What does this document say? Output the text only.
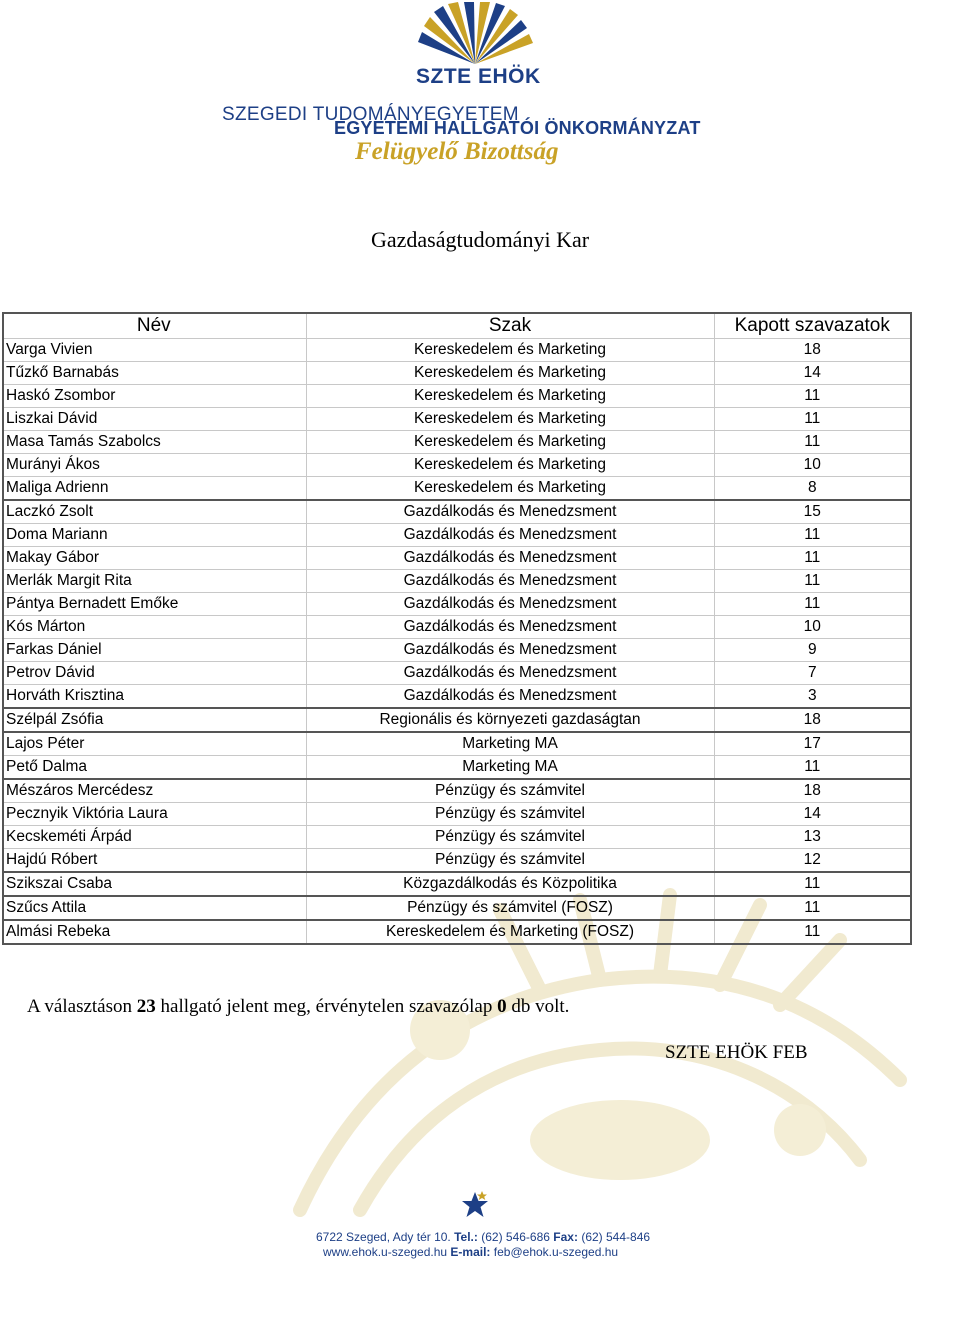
SZTE EHÖK
SZEGEDI TUDOMÁNYEGYETEM
EGYETEMI HALLGATÓI ÖNKORMÁNYZAT
Felügyelő Bizottság
Gazdaságtudományi Kar
Név	Szak	Kapott szavazatok
Varga Vivien	Kereskedelem és Marketing	18
Tűzkő Barnabás	Kereskedelem és Marketing	14
Haskó Zsombor	Kereskedelem és Marketing	11
Liszkai Dávid	Kereskedelem és Marketing	11
Masa Tamás Szabolcs	Kereskedelem és Marketing	11
Murányi Ákos	Kereskedelem és Marketing	10
Maliga Adrienn	Kereskedelem és Marketing	8
Laczkó Zsolt	Gazdálkodás és Menedzsment	15
Doma Mariann	Gazdálkodás és Menedzsment	11
Makay Gábor	Gazdálkodás és Menedzsment	11
Merlák Margit Rita	Gazdálkodás és Menedzsment	11
Pántya Bernadett Emőke	Gazdálkodás és Menedzsment	11
Kós Márton	Gazdálkodás és Menedzsment	10
Farkas Dániel	Gazdálkodás és Menedzsment	9
Petrov Dávid	Gazdálkodás és Menedzsment	7
Horváth Krisztina	Gazdálkodás és Menedzsment	3
Szélpál Zsófia	Regionális és környezeti gazdaságtan	18
Lajos Péter	Marketing MA	17
Pető Dalma	Marketing MA	11
Mészáros Mercédesz	Pénzügy és számvitel	18
Pecznyik Viktória Laura	Pénzügy és számvitel	14
Kecskeméti Árpád	Pénzügy és számvitel	13
Hajdú Róbert	Pénzügy és számvitel	12
Szikszai Csaba	Közgazdálkodás és Közpolitika	11
Szűcs Attila	Pénzügy és számvitel (FOSZ)	11
Almási Rebeka	Kereskedelem és Marketing (FOSZ)	11
A választáson 23 hallgató jelent meg, érvénytelen szavazólap 0 db volt.
SZTE EHÖK FEB
6722 Szeged, Ady tér 10. Tel.: (62) 546-686 Fax: (62) 544-846
www.ehok.u-szeged.hu E-mail: feb@ehok.u-szeged.hu
